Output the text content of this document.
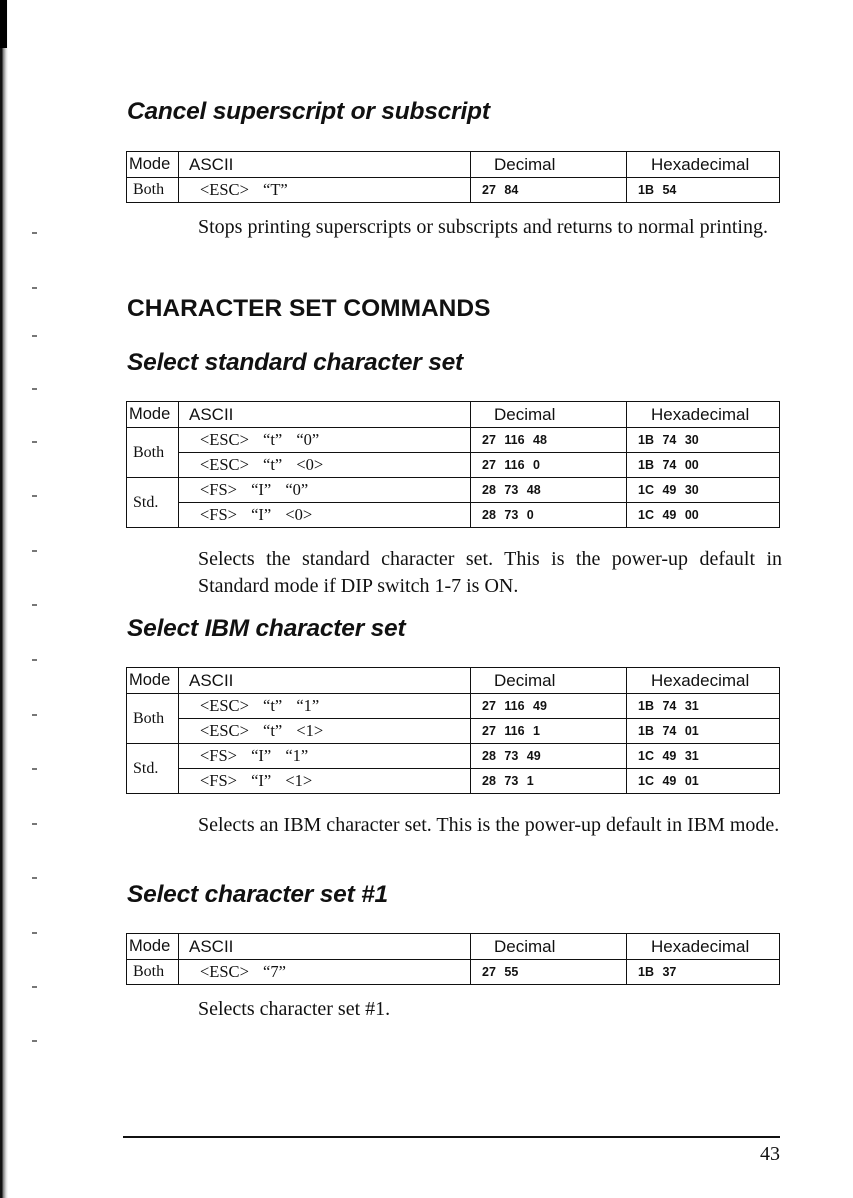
Cancel superscript or subscript
Mode	ASCII	Decimal	Hexadecimal
Both	<ESC> “T”	27 84	1B 54

Stops printing superscripts or subscripts and returns to normal printing.

CHARACTER SET COMMANDS
Select standard character set
Mode	ASCII	Decimal	Hexadecimal
Both	<ESC> “t” “0”	27 116 48	1B 74 30
	<ESC> “t” <0>	27 116 0	1B 74 00
Std.	<FS> “I” “0”	28 73 48	1C 49 30
	<FS> “I” <0>	28 73 0	1C 49 00

Selects the standard character set. This is the power-up default in Standard mode if DIP switch 1-7 is ON.

Select IBM character set
Mode	ASCII	Decimal	Hexadecimal
Both	<ESC> “t” “1”	27 116 49	1B 74 31
	<ESC> “t” <1>	27 116 1	1B 74 01
Std.	<FS> “I” “1”	28 73 49	1C 49 31
	<FS> “I” <1>	28 73 1	1C 49 01

Selects an IBM character set. This is the power-up default in IBM mode.

Select character set #1
Mode	ASCII	Decimal	Hexadecimal
Both	<ESC> “7”	27 55	1B 37

Selects character set #1.

43
